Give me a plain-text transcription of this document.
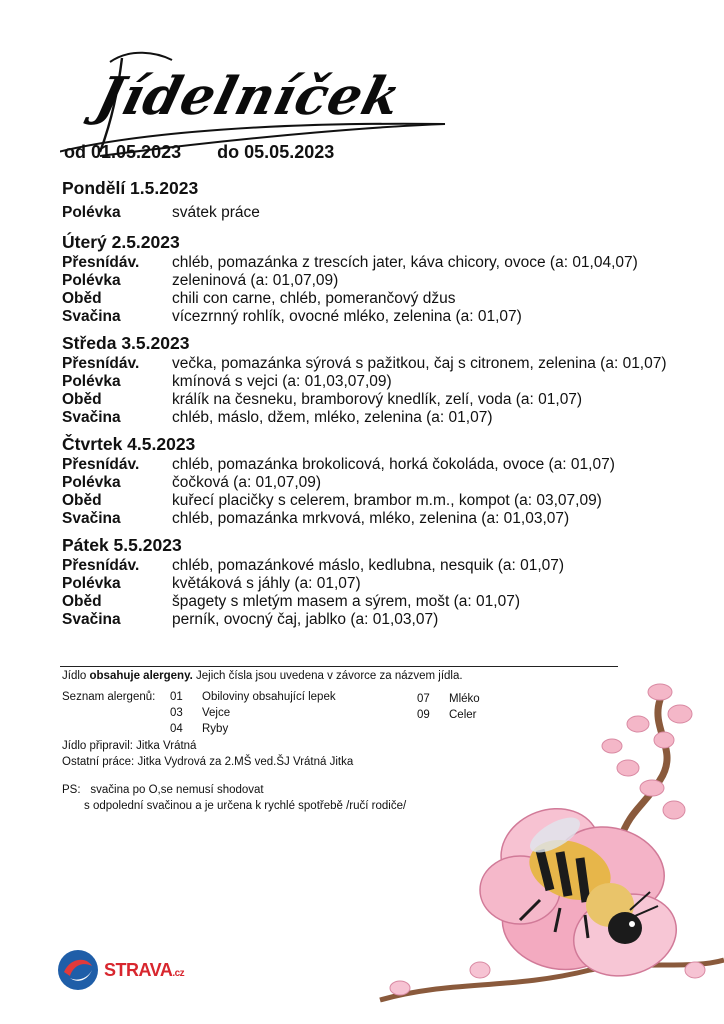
Jídelníček
od 01.05.2023 do 05.05.2023
Pondělí 1.5.2023
Polévka	svátek práce
Úterý 2.5.2023
Přesnídáv.	chléb, pomazánka z trescích jater, káva chicory, ovoce (a: 01,04,07)
Polévka	zeleninová (a: 01,07,09)
Oběd	chili con carne, chléb, pomerančový džus
Svačina	vícezrnný rohlík, ovocné mléko, zelenina (a: 01,07)
Středa 3.5.2023
Přesnídáv.	večka, pomazánka sýrová s pažitkou, čaj s citronem, zelenina (a: 01,07)
Polévka	kmínová s vejci (a: 01,03,07,09)
Oběd	králík na česneku, bramborový knedlík, zelí, voda (a: 01,07)
Svačina	chléb, máslo, džem, mléko, zelenina (a: 01,07)
Čtvrtek 4.5.2023
Přesnídáv.	chléb, pomazánka brokolicová, horká čokoláda, ovoce (a: 01,07)
Polévka	čočková (a: 01,07,09)
Oběd	kuřecí placičky s celerem, brambor m.m., kompot (a: 03,07,09)
Svačina	chléb, pomazánka mrkvová, mléko, zelenina (a: 01,03,07)
Pátek 5.5.2023
Přesnídáv.	chléb, pomazánkové máslo, kedlubna, nesquik (a: 01,07)
Polévka	květáková s jáhly (a: 01,07)
Oběd	špagety s mletým masem a sýrem, mošt (a: 01,07)
Svačina	perník, ovocný čaj, jablko (a: 01,03,07)
Jídlo obsahuje alergeny. Jejich čísla jsou uvedena v závorce za názvem jídla.
Seznam alergenů: 01	Obiloviny obsahující lepek
03	Vejce
04	Ryby
07	Mléko
09	Celer
Jídlo připravil: Jitka Vrátná
Ostatní práce: Jitka Vydrová za 2.MŠ ved.ŠJ Vrátná Jitka
PS: svačina po O,se nemusí shodovat
s odpolední svačinou a je určena k rychlé spotřebě /ručí rodiče/
STRAVA.cz
